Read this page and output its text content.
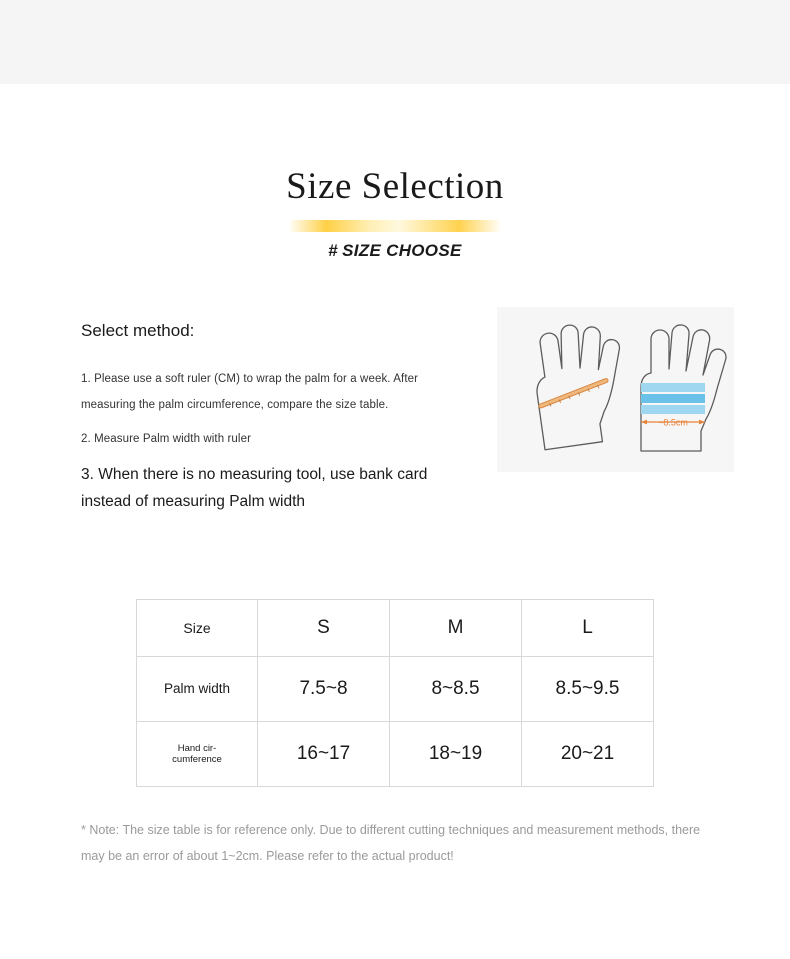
Size Selection
# SIZE CHOOSE
Select method:
1. Please use a soft ruler (CM) to wrap the palm for a week. After measuring the palm circumference, compare the size table.
2. Measure Palm width with ruler
3. When there is no measuring tool, use bank card instead of measuring Palm width
Size	S	M	L
Palm width	7.5~8	8~8.5	8.5~9.5
Hand cir-
cumference	16~17	18~19	20~21
* Note: The size table is for reference only. Due to different cutting techniques and measurement methods, there may be an error of about 1~2cm. Please refer to the actual product!
~8.5cm
